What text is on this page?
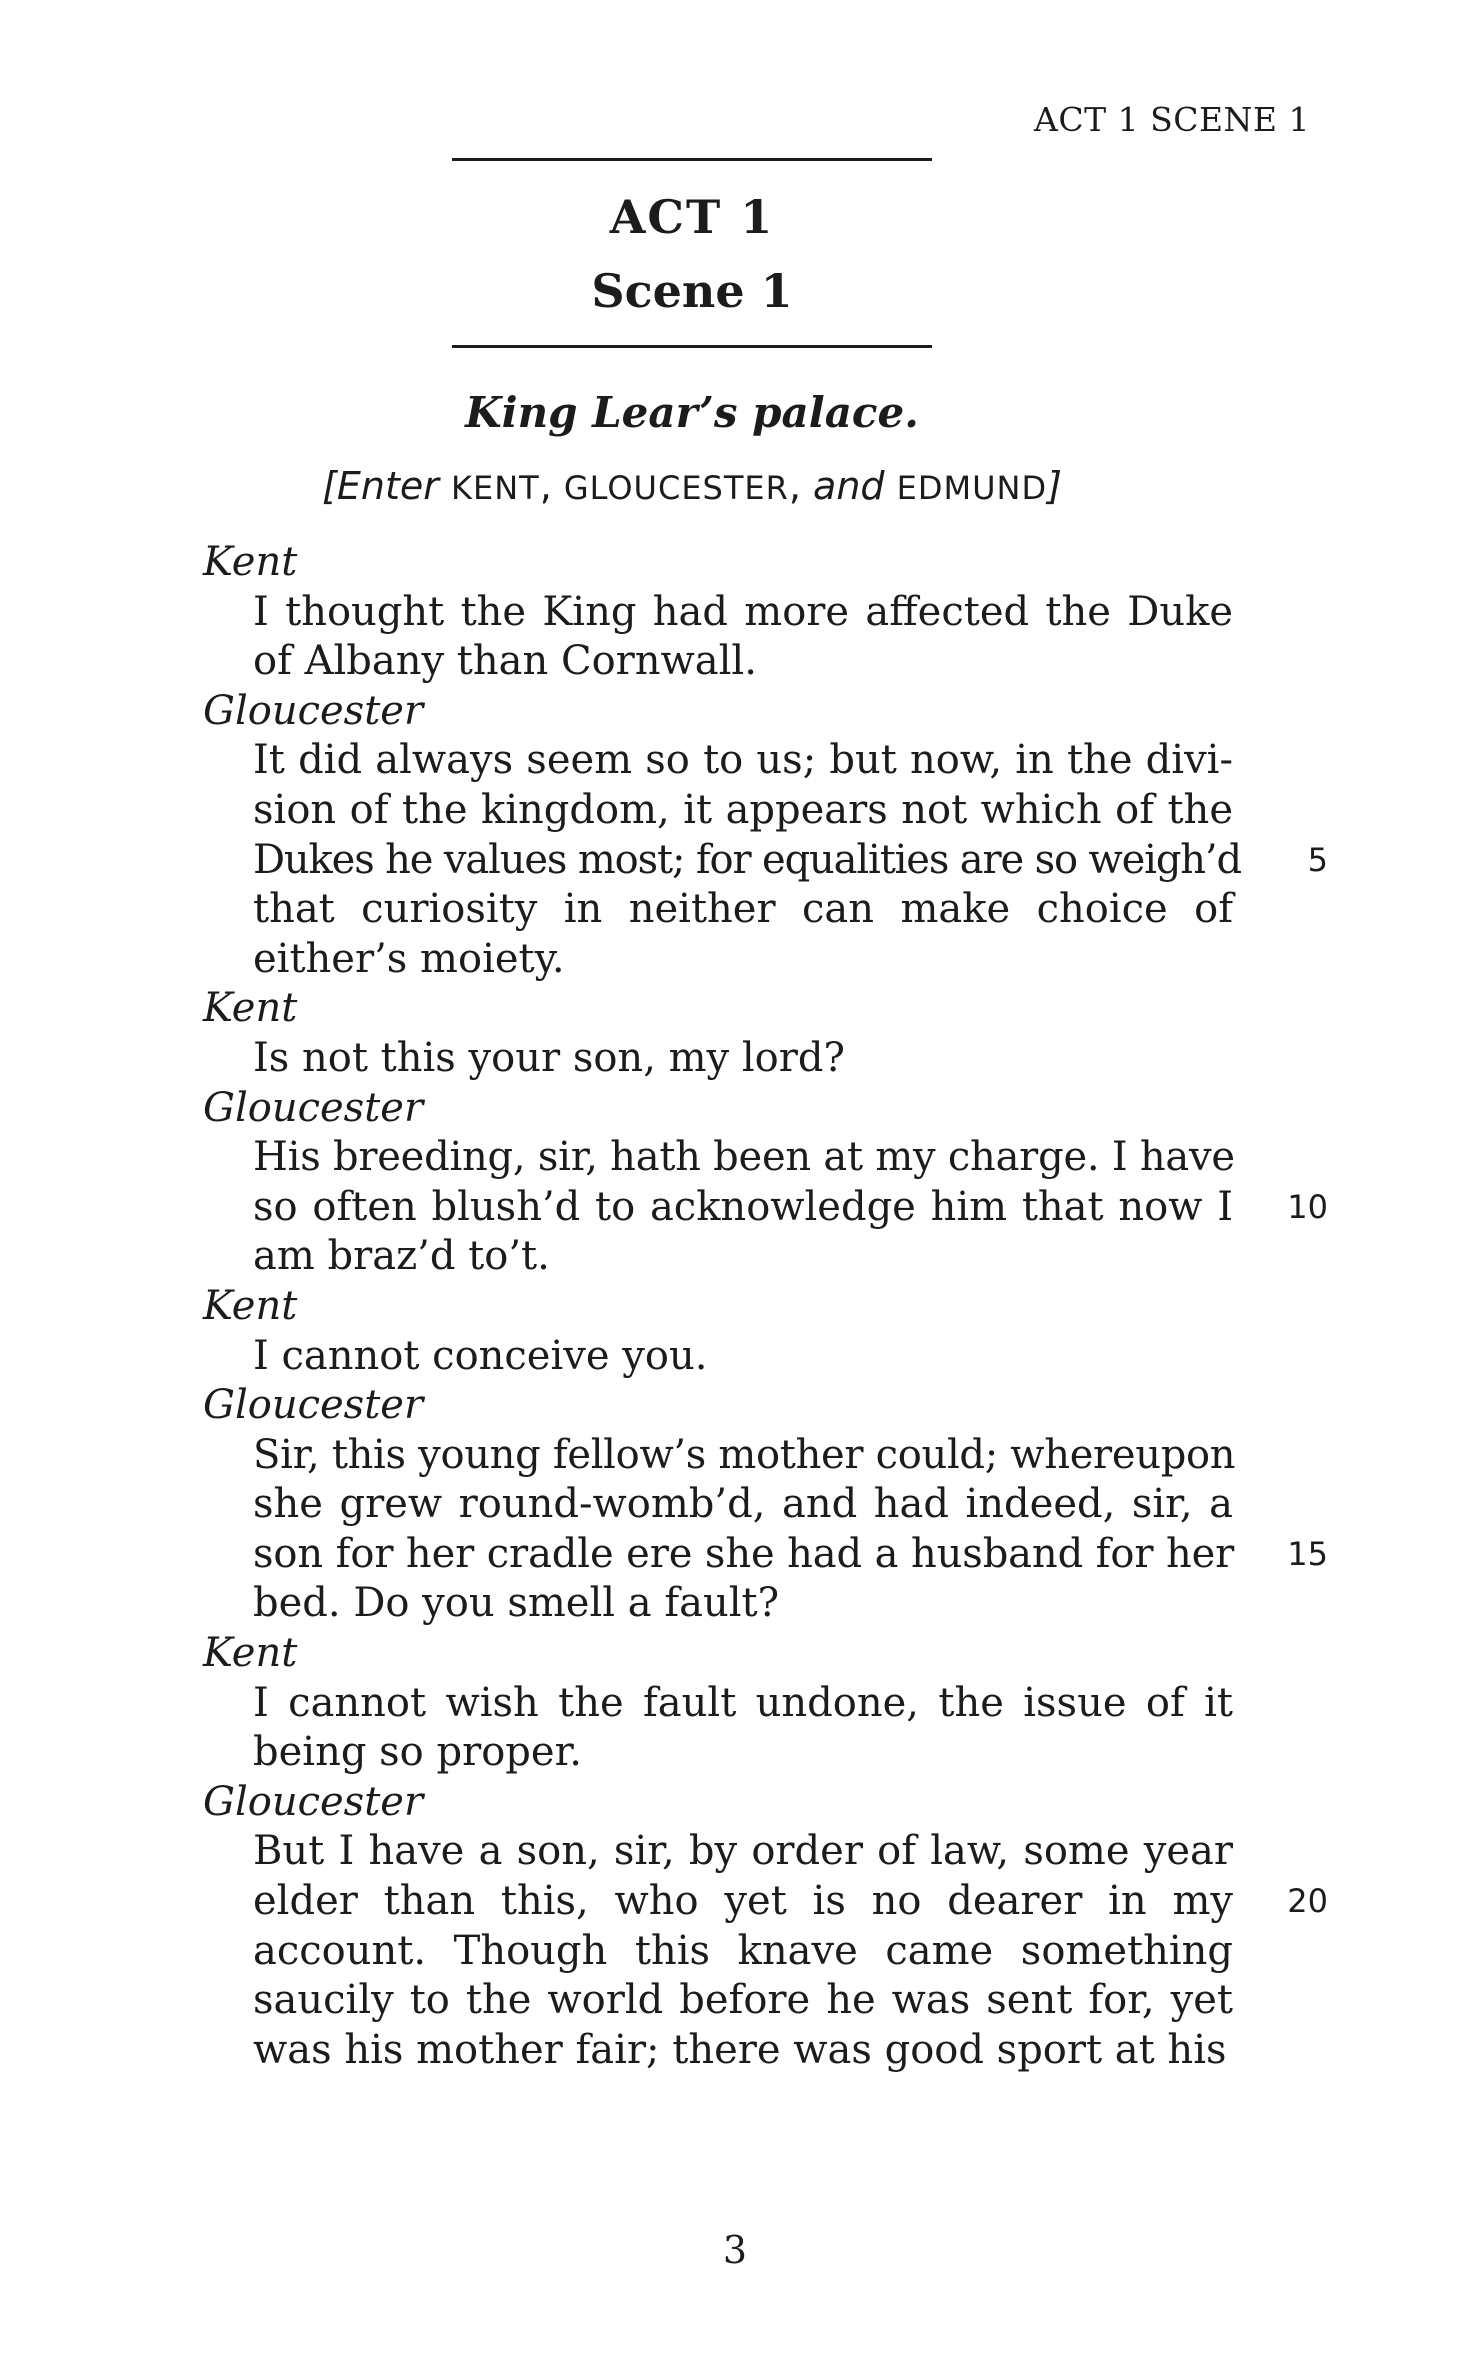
ACT 1 SCENE 1
ACT 1
Scene 1
King Lear’s palace.
[Enter KENT, GLOUCESTER, and EDMUND]
Kent
I thought the King had more affected the Duke
of Albany than Cornwall.
Gloucester
It did always seem so to us; but now, in the divi-
sion of the kingdom, it appears not which of the
Dukes he values most; for equalities are so weigh’d	5
that curiosity in neither can make choice of
either’s moiety.
Kent
Is not this your son, my lord?
Gloucester
His breeding, sir, hath been at my charge. I have
so often blush’d to acknowledge him that now I	10
am braz’d to’t.
Kent
I cannot conceive you.
Gloucester
Sir, this young fellow’s mother could; whereupon
she grew round-womb’d, and had indeed, sir, a
son for her cradle ere she had a husband for her	15
bed. Do you smell a fault?
Kent
I cannot wish the fault undone, the issue of it
being so proper.
Gloucester
But I have a son, sir, by order of law, some year
elder than this, who yet is no dearer in my	20
account. Though this knave came something
saucily to the world before he was sent for, yet
was his mother fair; there was good sport at his
3
